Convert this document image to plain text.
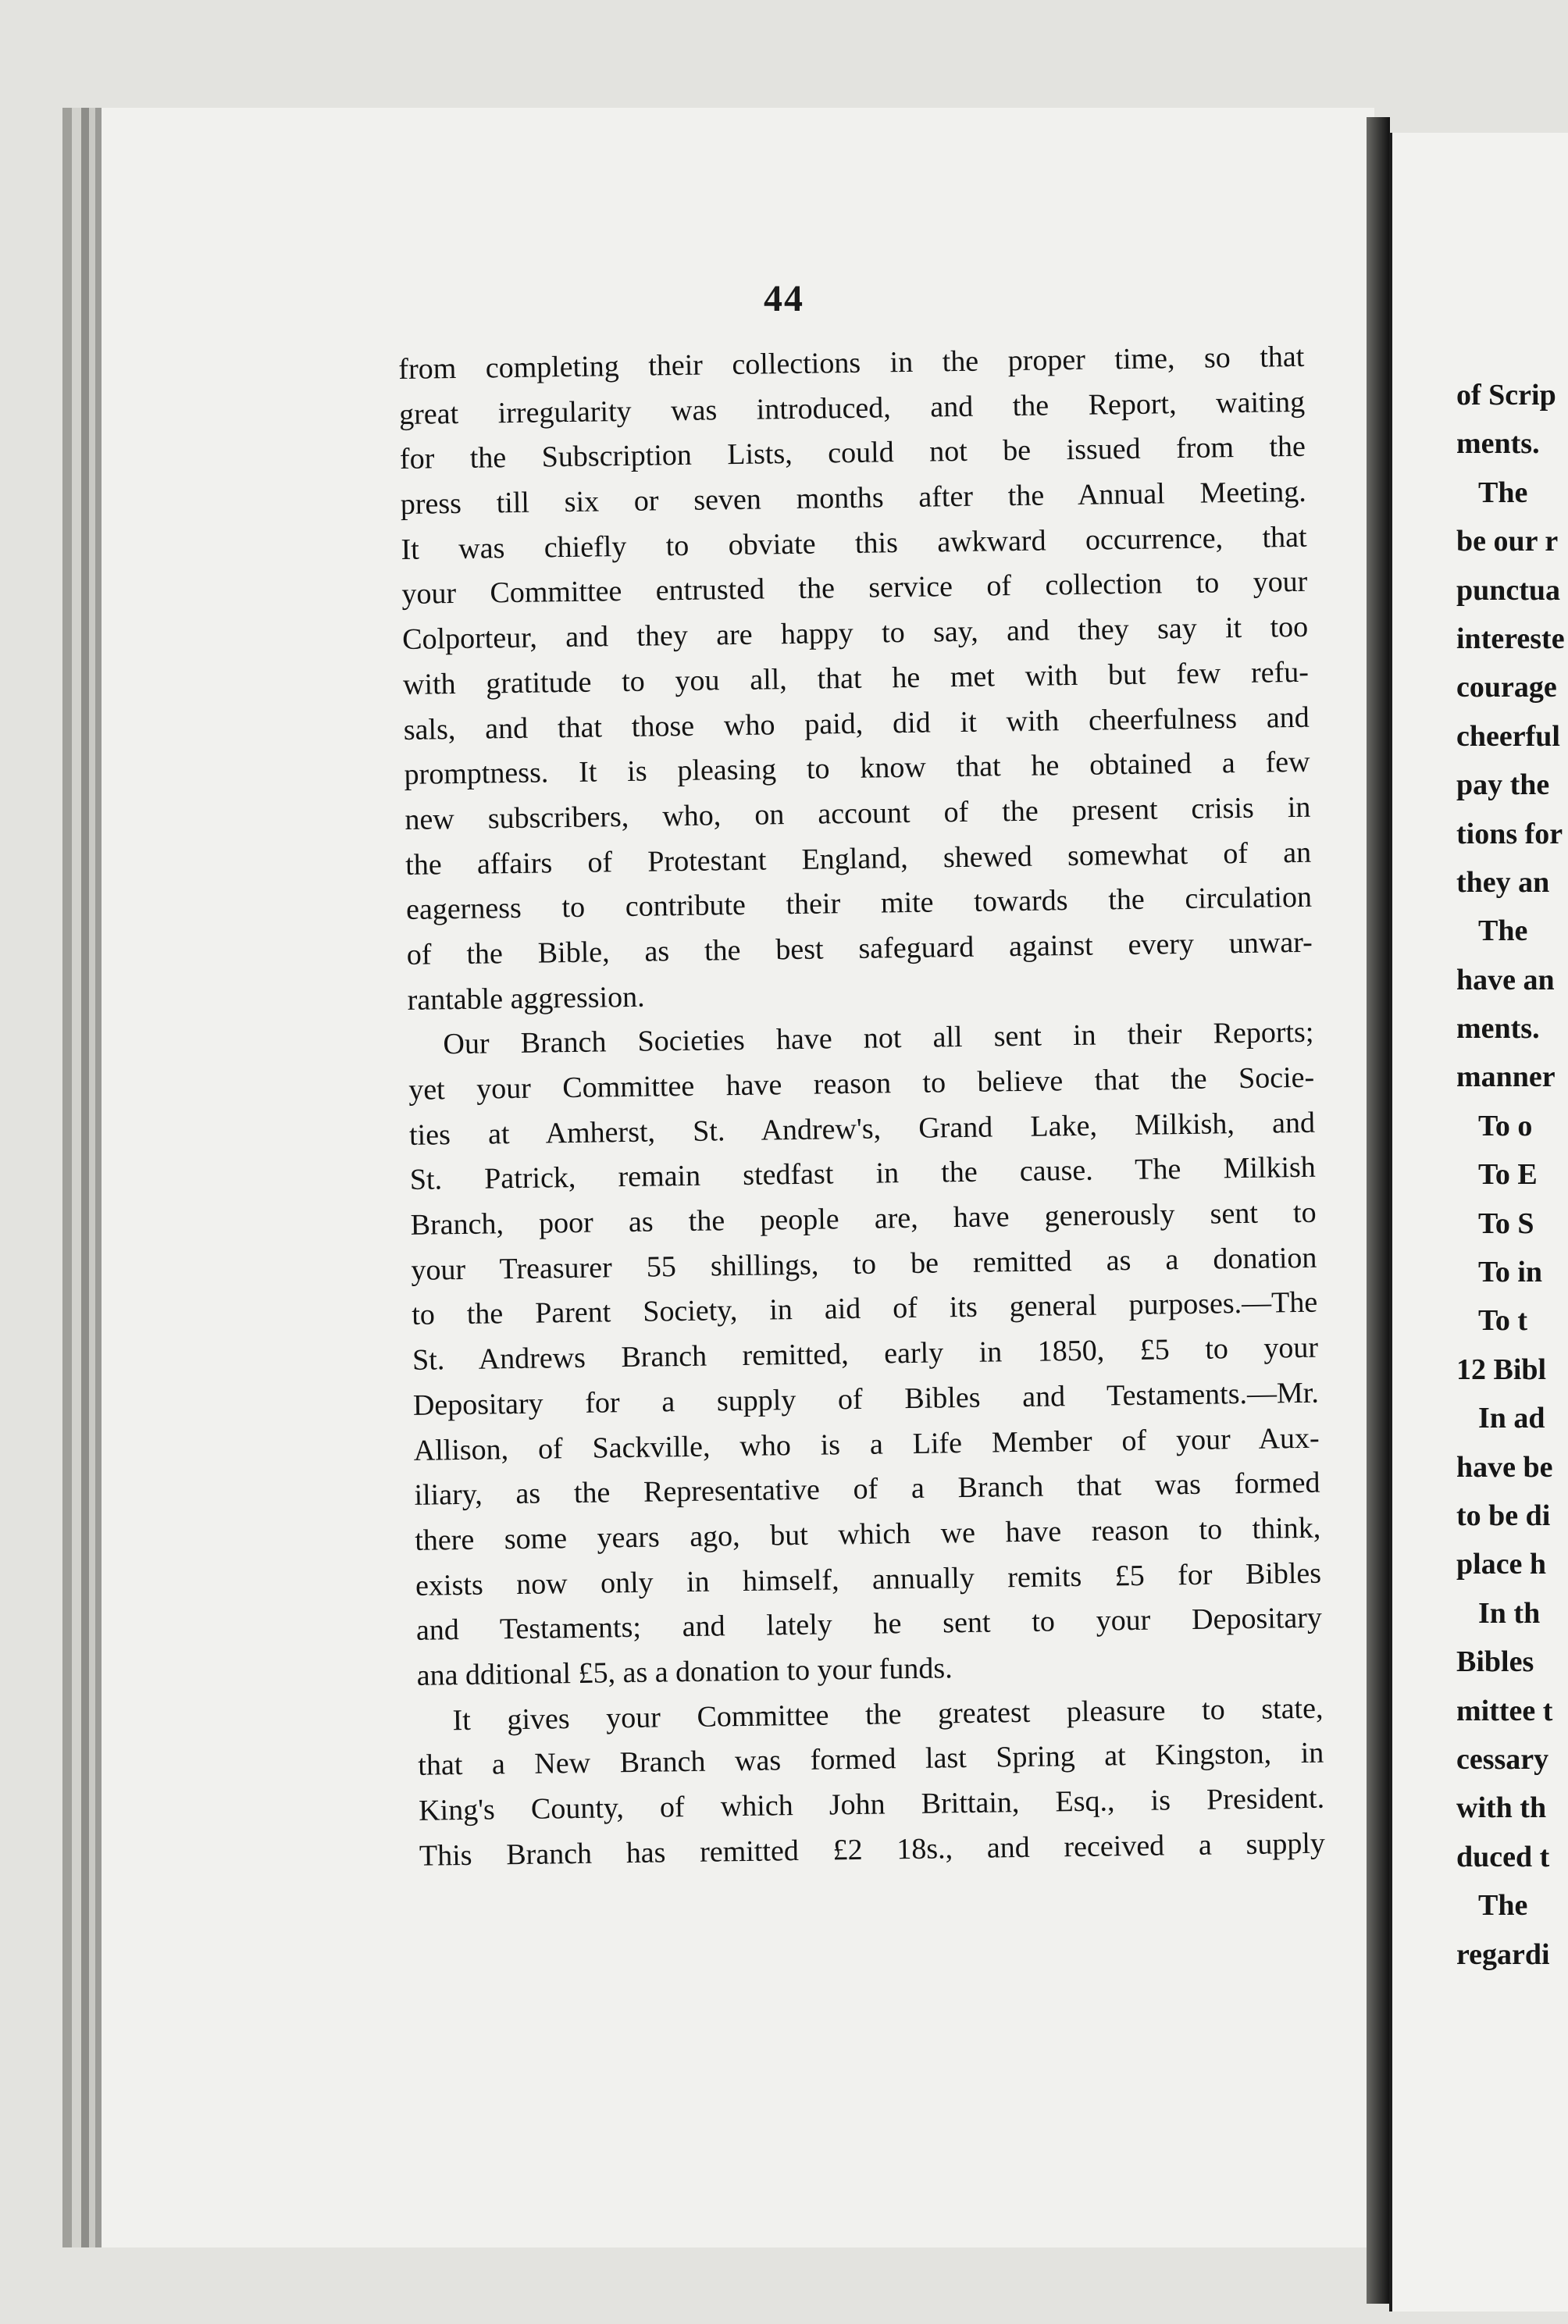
44
from completing their collections in the proper time, so that
great irregularity was introduced, and the Report, waiting
for the Subscription Lists, could not be issued from the
press till six or seven months after the Annual Meeting.
It was chiefly to obviate this awkward occurrence, that
your Committee entrusted the service of collection to your
Colporteur, and they are happy to say, and they say it too
with gratitude to you all, that he met with but few refu-
sals, and that those who paid, did it with cheerfulness and
promptness. It is pleasing to know that he obtained a few
new subscribers, who, on account of the present crisis in
the affairs of Protestant England, shewed somewhat of an
eagerness to contribute their mite towards the circulation
of the Bible, as the best safeguard against every unwar-
rantable aggression.
Our Branch Societies have not all sent in their Reports;
yet your Committee have reason to believe that the Socie-
ties at Amherst, St. Andrew's, Grand Lake, Milkish, and
St. Patrick, remain stedfast in the cause. The Milkish
Branch, poor as the people are, have generously sent to
your Treasurer 55 shillings, to be remitted as a donation
to the Parent Society, in aid of its general purposes.—The
St. Andrews Branch remitted, early in 1850, £5 to your
Depositary for a supply of Bibles and Testaments.—Mr.
Allison, of Sackville, who is a Life Member of your Aux-
iliary, as the Representative of a Branch that was formed
there some years ago, but which we have reason to think,
exists now only in himself, annually remits £5 for Bibles
and Testaments; and lately he sent to your Depositary
ana dditional £5, as a donation to your funds.
It gives your Committee the greatest pleasure to state,
that a New Branch was formed last Spring at Kingston, in
King's County, of which John Brittain, Esq., is President.
This Branch has remitted £2 18s., and received a supply
of Scrip
ments.
The
be our r
punctua
intereste
courage
cheerful
pay the
tions for
they an
The
have an
ments.
manner
To o
To E
To S
To in
To t
12 Bibl
In ad
have be
to be di
place h
In th
Bibles
mittee t
cessary
with th
duced t
The
regardi
